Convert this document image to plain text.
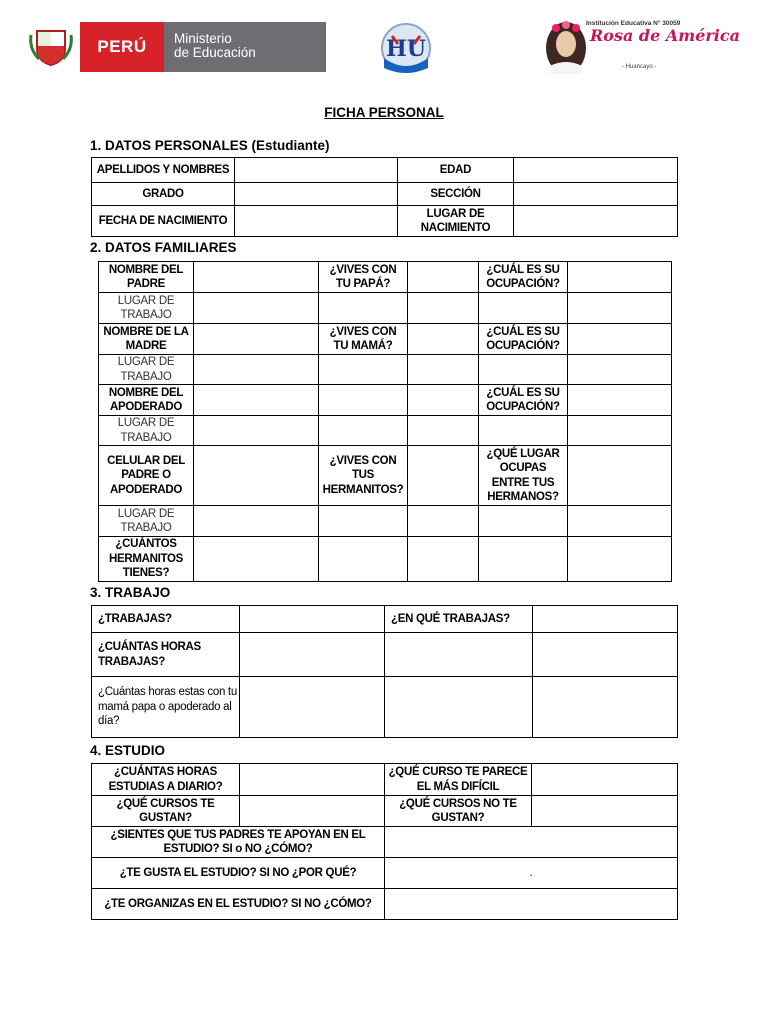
PERÚ	Ministerio
de Educación	HU
Institución Educativa N° 30059
Rosa de América
- Huancayo -
FICHA PERSONAL
1. DATOS PERSONALES (Estudiante)
APELLIDOS Y NOMBRES		EDAD	
GRADO		SECCIÓN	
FECHA DE NACIMIENTO		LUGAR DE NACIMIENTO	
2. DATOS FAMILIARES
NOMBRE DEL PADRE		¿VIVES CON TU PAPÁ?		¿CUÁL ES SU OCUPACIÓN?	
LUGAR DE TRABAJO					
NOMBRE DE LA MADRE		¿VIVES CON TU MAMÁ?		¿CUÁL ES SU OCUPACIÓN?	
LUGAR DE TRABAJO					
NOMBRE DEL APODERADO				¿CUÁL ES SU OCUPACIÓN?	
LUGAR DE TRABAJO					
CELULAR DEL PADRE O APODERADO		¿VIVES CON TUS HERMANITOS?		¿QUÉ LUGAR OCUPAS ENTRE TUS HERMANOS?	
LUGAR DE TRABAJO					
¿CUÁNTOS HERMANITOS TIENES?					
3. TRABAJO
¿TRABAJAS?		¿EN QUÉ TRABAJAS?	
¿CUÁNTAS HORAS TRABAJAS?			
¿Cuántas horas estas con tu mamá papa o apoderado al día?			
4. ESTUDIO
¿CUÁNTAS HORAS ESTUDIAS A DIARIO?		¿QUÉ CURSO TE PARECE EL MÁS DIFÍCIL	
¿QUÉ CURSOS TE GUSTAN?		¿QUÉ CURSOS NO TE GUSTAN?	
¿SIENTES QUE TUS PADRES TE APOYAN EN EL ESTUDIO? SI o NO ¿CÓMO?			
¿TE GUSTA EL ESTUDIO? SI NO ¿POR QUÉ?		.	
¿TE ORGANIZAS EN EL ESTUDIO? SI NO ¿CÓMO?			
